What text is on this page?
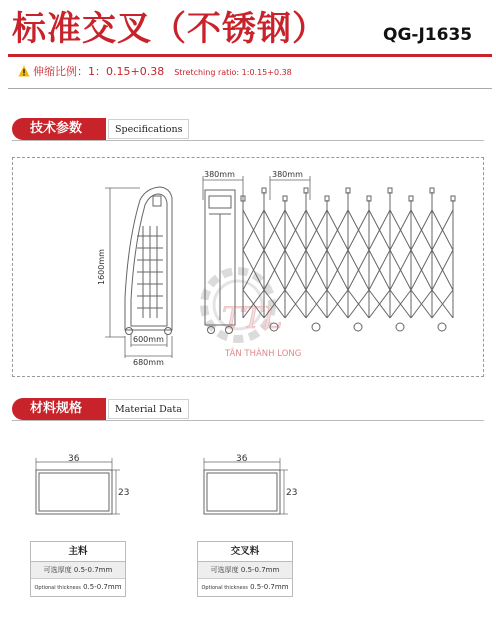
标准交叉（不锈钢）	QG-J1635
伸缩比例：1：0.15+0.38 Stretching ratio: 1:0.15+0.38
技术参数	Specifications
TTL
TÂN THÀNH LONG
1600mm
600mm
680mm
380mm	380mm
材料规格	Material Data
36
23
36
23
主料
可选厚度 0.5-0.7mm
Optional thickness 0.5-0.7mm
交叉料
可选厚度 0.5-0.7mm
Optional thickness 0.5-0.7mm
